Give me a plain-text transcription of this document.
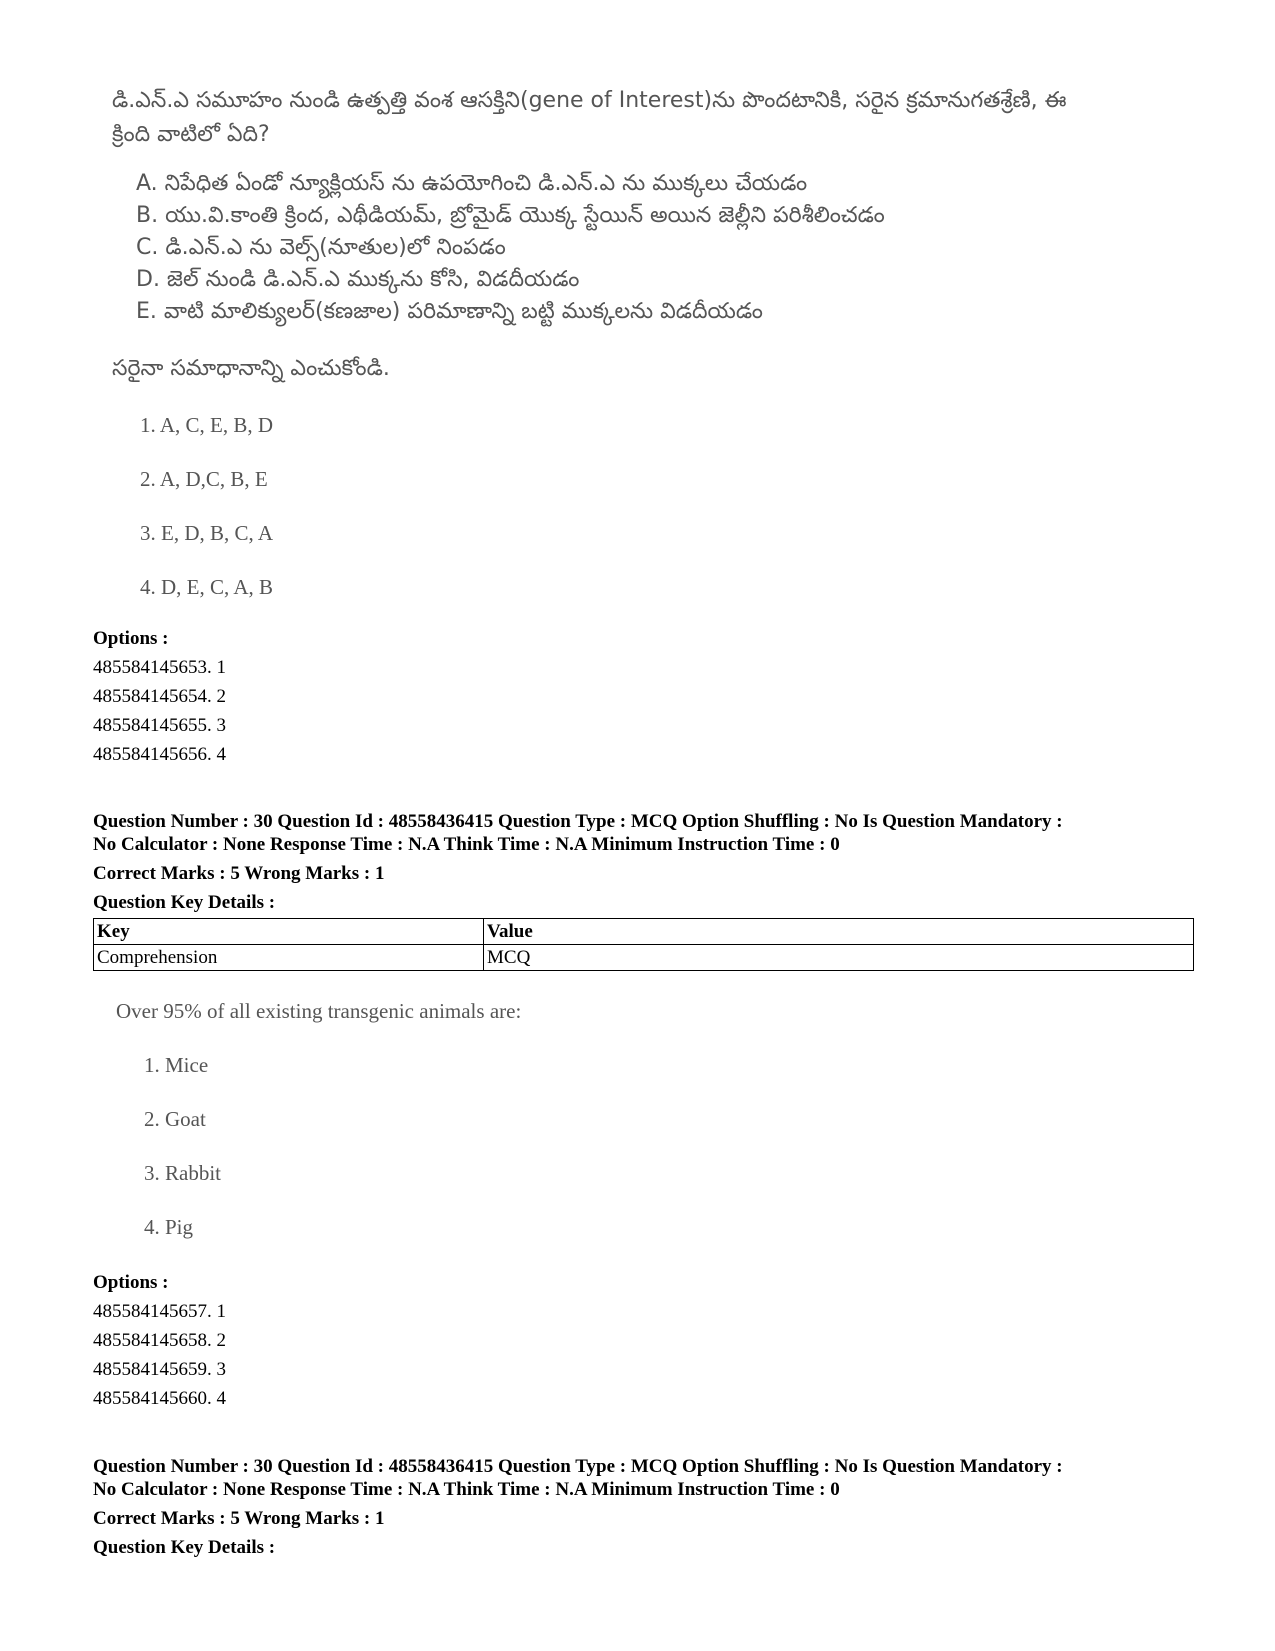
డి.ఎన్.ఎ సమూహం నుండి ఉత్పత్తి వంశ ఆసక్తిని(gene of Interest)ను పొందటానికి, సరైన క్రమానుగతశ్రేణి, ఈ క్రింది వాటిలో ఏది?

A. నిపేధిత ఏండో న్యూక్లియస్ ను ఉపయోగించి డి.ఎన్.ఎ ను ముక్కలు చేయడం

B. యు.వి.కాంతి క్రింద, ఎథీడియమ్, బ్రోమైడ్ యొక్క స్టేయిన్ అయిన జెల్లీని పరిశీలించడం

C. డి.ఎన్.ఎ ను వెల్స్(నూతుల)లో నింపడం

D. జెల్ నుండి డి.ఎన్.ఎ ముక్కను కోసి, విడదీయడం

E. వాటి మాలిక్యులర్(కణజాల) పరిమాణాన్ని బట్టి ముక్కలను విడదీయడం

సరైనా సమాధానాన్ని ఎంచుకోండి.

1. A, C, E, B, D
2. A, D,C, B, E
3. E, D, B, C, A
4. D, E, C, A, B
Options :
485584145653. 1
485584145654. 2
485584145655. 3
485584145656. 4
Question Number : 30 Question Id : 48558436415 Question Type : MCQ Option Shuffling : No Is Question Mandatory :
No Calculator : None Response Time : N.A Think Time : N.A Minimum Instruction Time : 0
Correct Marks : 5 Wrong Marks : 1
Question Key Details :
Key	Value
Comprehension	MCQ
Over 95% of all existing transgenic animals are:
1. Mice
2. Goat
3. Rabbit
4. Pig
Options :
485584145657. 1
485584145658. 2
485584145659. 3
485584145660. 4
Question Number : 30 Question Id : 48558436415 Question Type : MCQ Option Shuffling : No Is Question Mandatory :
No Calculator : None Response Time : N.A Think Time : N.A Minimum Instruction Time : 0
Correct Marks : 5 Wrong Marks : 1
Question Key Details :
